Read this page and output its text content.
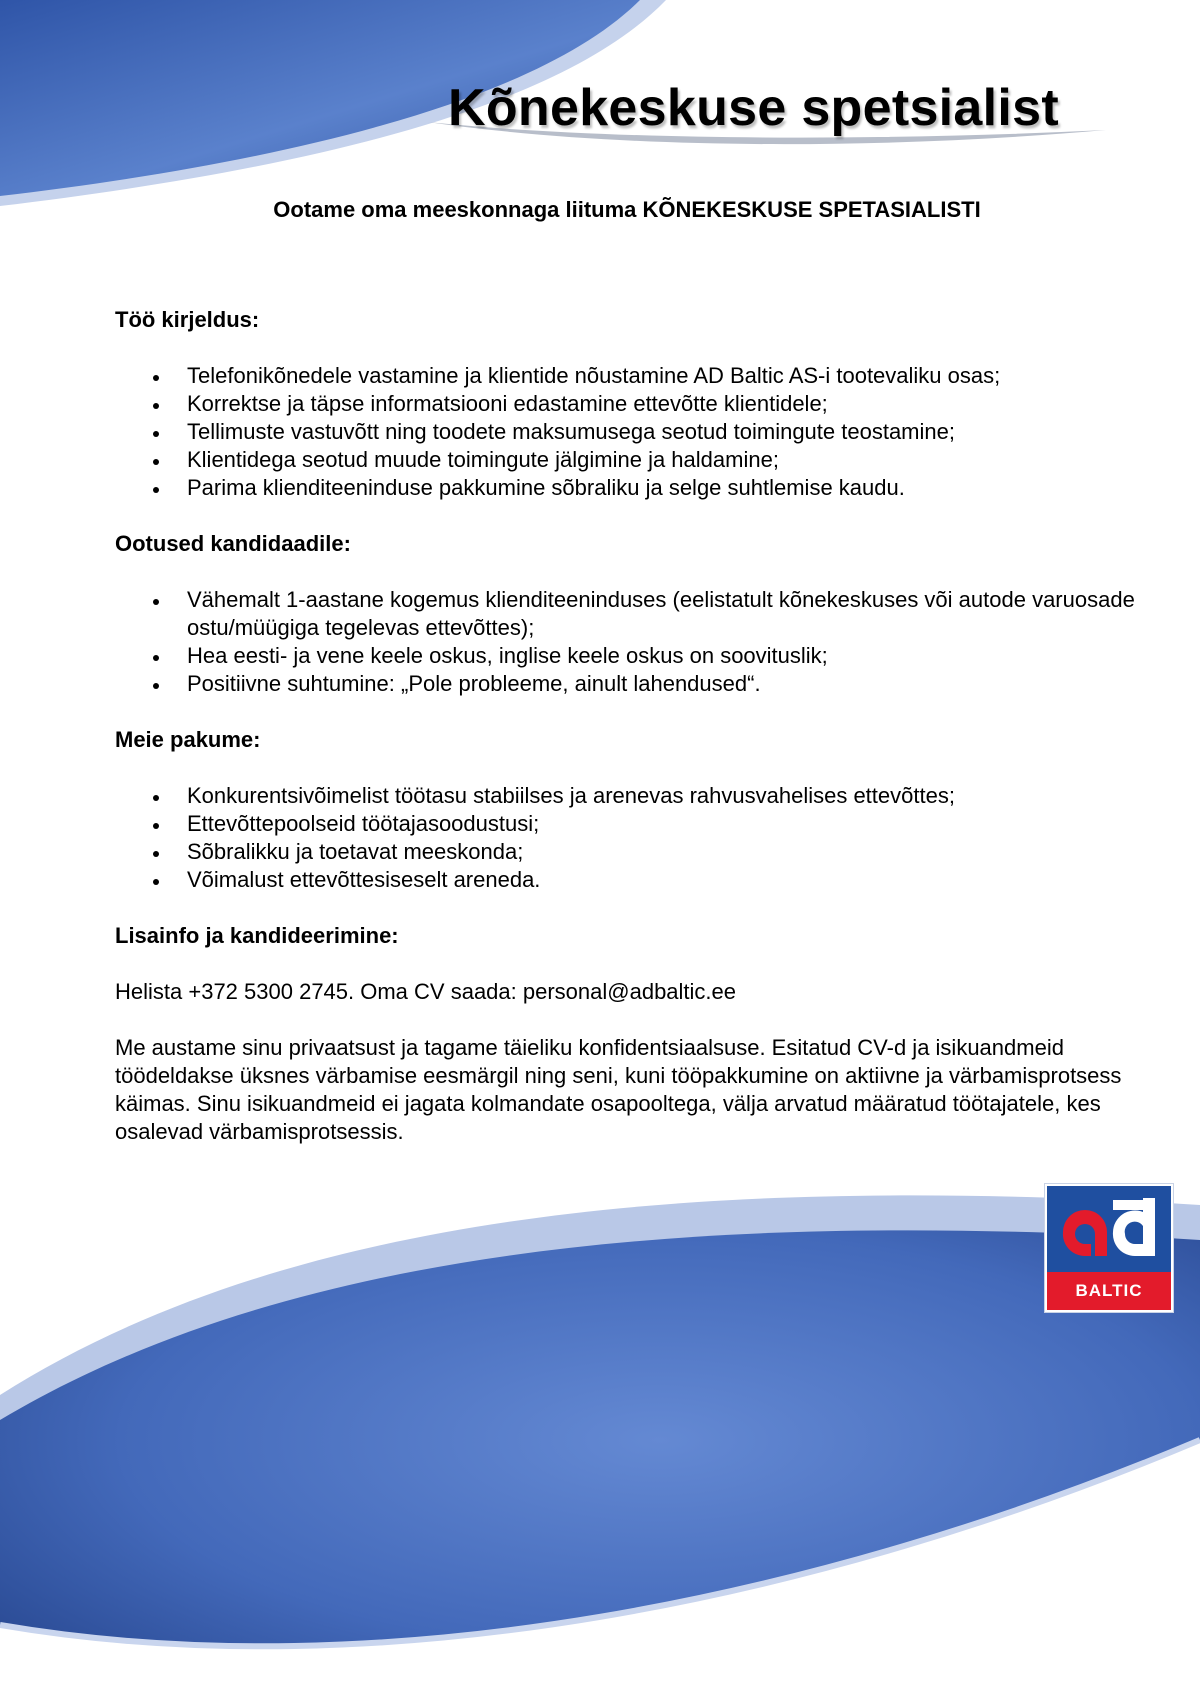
Kõnekeskuse spetsialist

Ootame oma meeskonnaga liituma KÕNEKESKUSE SPETASIALISTI

Töö kirjeldus:

Telefonikõnedele vastamine ja klientide nõustamine AD Baltic AS-i tootevaliku osas;
Korrektse ja täpse informatsiooni edastamine ettevõtte klientidele;
Tellimuste vastuvõtt ning toodete maksumusega seotud toimingute teostamine;
Klientidega seotud muude toimingute jälgimine ja haldamine;
Parima klienditeeninduse pakkumine sõbraliku ja selge suhtlemise kaudu.

Ootused kandidaadile:

Vähemalt 1-aastane kogemus klienditeeninduses (eelistatult kõnekeskuses või autode varuosade ostu/müügiga tegelevas ettevõttes);
Hea eesti- ja vene keele oskus, inglise keele oskus on soovituslik;
Positiivne suhtumine: „Pole probleeme, ainult lahendused“.

Meie pakume:

Konkurentsivõimelist töötasu stabiilses ja arenevas rahvusvahelises ettevõttes;
Ettevõttepoolseid töötajasoodustusi;
Sõbralikku ja toetavat meeskonda;
Võimalust ettevõttesiseselt areneda.

Lisainfo ja kandideerimine:

Helista +372 5300 2745. Oma CV saada: personal@adbaltic.ee

Me austame sinu privaatsust ja tagame täieliku konfidentsiaalsuse. Esitatud CV-d ja isikuandmeid töödeldakse üksnes värbamise eesmärgil ning seni, kuni tööpakkumine on aktiivne ja värbamisprotsess käimas. Sinu isikuandmeid ei jagata kolmandate osapooltega, välja arvatud määratud töötajatele, kes osalevad värbamisprotsessis.

BALTIC
